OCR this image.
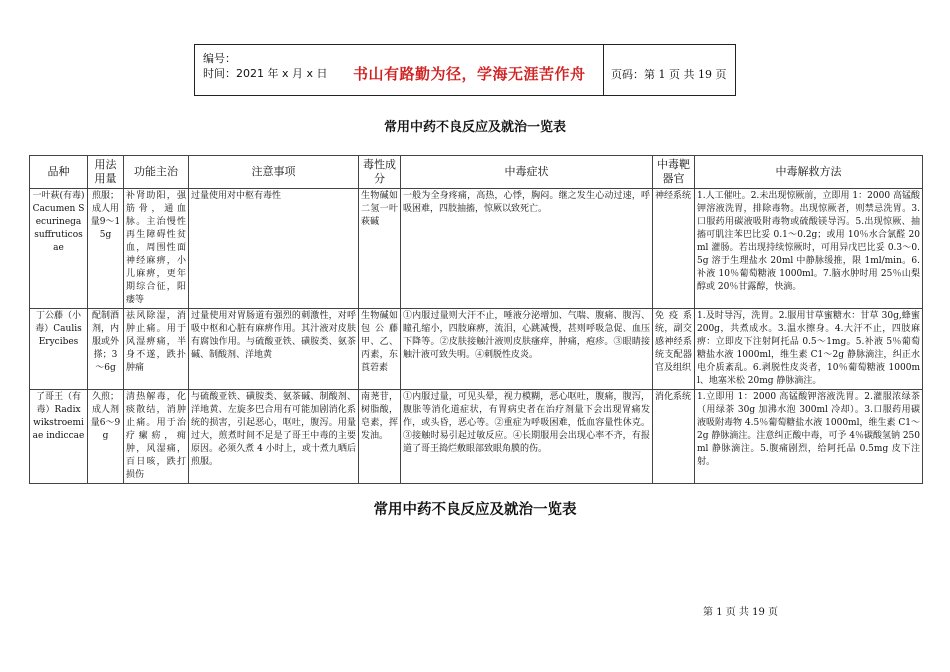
编号：
时间：2021 年 x 月 x 日 书山有路勤为径，学海无涯苦作舟 页码：第 1 页 共 19 页
常用中药不良反应及就治一览表
品种	用法用量	功能主治	注意事项	毒性成分	中毒症状	中毒靶器官	中毒解救方法
一叶萩(有毒) Cacumen Securinega suffruticosae	煎服；成人用量9～15g	补肾助阳，强筋骨，通血脉。主治慢性再生障碍性贫血，周围性面神经麻痹，小儿麻痹，更年期综合征，阳痿等	过量使用对中枢有毒性	生物碱如二氢一叶萩碱	一般为全身疼痛，高热，心悸，胸闷。继之发生心动过速，呼吸困难，四肢抽搐，惊厥以致死亡。	神经系统	1.人工催吐。2.未出现惊厥前，立即用 1：2000 高锰酸钾溶液洗胃，排除毒物。出现惊厥者，则禁忌洗胃。3.口服药用碳液吸附毒物或硫酸镁导泻。5.出现惊厥、抽搐可肌注苯巴比妥 0.1～0.2g；或用 10％水合氯醛 20ml 灌肠。若出现持续惊厥时，可用异戊巴比妥 0.3～0.5g 溶于生理盐水 20ml 中静脉缓推，限 1ml/min。6.补液 10％葡萄糖液 1000ml。7.脑水肿时用 25％山梨醇或 20％甘露醇，快滴。
丁公藤（小毒）Caulis Erycibes	配制酒剂，内服或外搽；3～6g	祛风除湿，消肿止痛。用于风湿痹痛，半身不遂，跌扑肿痛	过量使用对胃肠道有强烈的刺激性，对呼吸中枢和心脏有麻痹作用。其汁液对皮肤有腐蚀作用。与硫酸亚铁、磺胺类、氨茶碱、制酸剂、洋地黄	生物碱如包公藤甲、乙、丙素，东莨菪素	①内服过量则大汗不止，唾液分泌增加、气喘、腹痛、腹泻、瞳孔缩小，四肢麻痹，流泪，心跳减慢，甚则呼吸急促、血压下降等。②皮肤接触汁液则皮肤瘙痒，肿痛，疱疹。③眼睛接触汁液可致失明。④刺脱性皮炎。	免疫系统，副交感神经系统支配器官及组织	1.及时导泻，洗胃。2.服用甘草蜜糖水：甘草 30g,蜂蜜 200g，共煮成水。3.温水擦身。4.大汗不止，四肢麻痹：立即皮下注射阿托品 0.5～1mg。5.补液 5％葡萄糖盐水液 1000ml，维生素 C1～2g 静脉滴注，纠正水电介质紊乱。6.剥脱性皮炎者，10％葡萄糖液 1000ml、地塞米松 20mg 静脉滴注。
了哥王（有毒）Radix wikstroemiae indiccae	久煎；成人剂量6～9g	清热解毒，化痰散结，消肿止痛。用于治疗瘰疬，痈肿，风湿痛，百日咳，跌打损伤	与硫酸亚铁、磺胺类、氨茶碱、制酸剂、洋地黄、左旋多巴合用有可能加剧消化系统的损害，引起恶心，呕吐，腹泻。用量过大，煎煮时间不足是了哥王中毒的主要原因。必须久煮 4 小时上，或十煮九晒后煎服。	南荛苷，树脂酸，皂素，挥发油。	①内服过量，可见头晕，视力模糊，恶心呕吐，腹痛，腹泻，腹胀等消化道症状，有胃病史者在治疗剂量下会出现胃痛发作，或头昏，恶心等。②重症为呼吸困难，低血容量性休克。③接触时易引起过敏反应。④长期服用会出现心率不齐，有报道了哥王捣烂敷眼部致眼角膜的伤。	消化系统	1.立即用 1：2000 高锰酸钾溶液洗胃。2.灌服浓绿茶（用绿茶 30g 加沸水泡 300ml 冷却）。3.口服药用碳液吸附毒物 4.5％葡萄糖盐水液 1000ml，维生素 C1～2g 静脉滴注。注意纠正酸中毒，可予 4％碳酸氢钠 250ml 静脉滴注。5.腹痛剧烈，给阿托品 0.5mg 皮下注射。
常用中药不良反应及就治一览表
第 1 页 共 19 页
